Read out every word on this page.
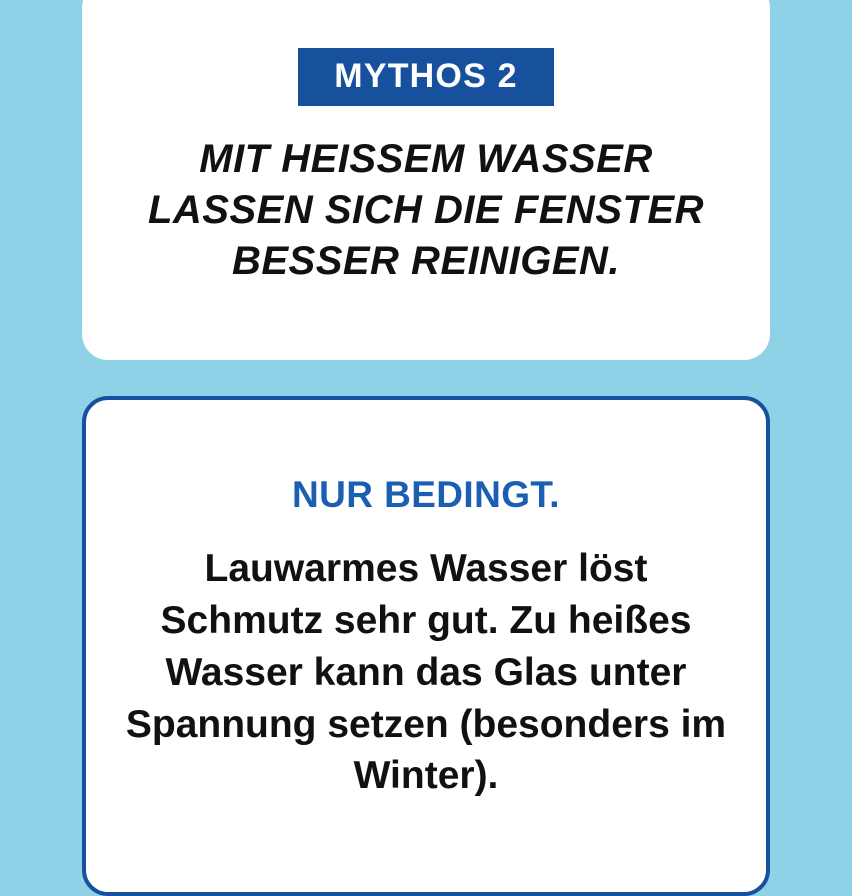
MYTHOS 2
MIT HEISSEM WASSER LASSEN SICH DIE FENSTER BESSER REINIGEN.
NUR BEDINGT.
Lauwarmes Wasser löst Schmutz sehr gut. Zu heißes Wasser kann das Glas unter Spannung setzen (besonders im Winter).
